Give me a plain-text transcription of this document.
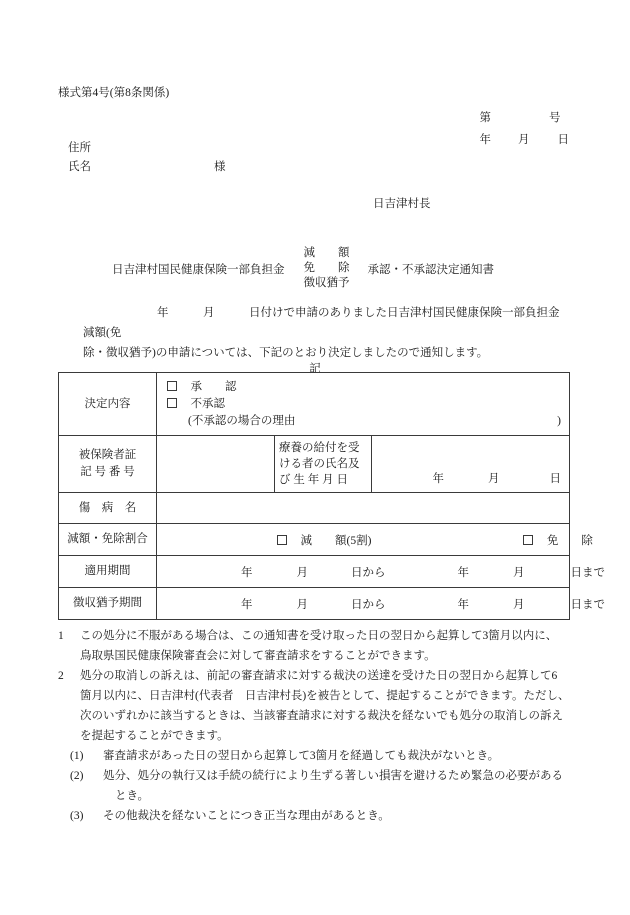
様式第4号(第8条関係)

第	号

年 月 日

住所
氏名	様
日吉津村長
日吉津村国民健康保険一部負担金
減　　額
免　　除
徴収猶予
承認・不承認決定通知書
年　　　月　　　日付けで申請のありました日吉津村国民健康保険一部負担金減額(免
除・徴収猶予)の申請については、下記のとおり決定しましたので通知します。
記
決定内容

　承　　認
　不承認
(不承認の場合の理由 )		

被保険者証
記 号 番 号		療養の給付を受
ける者の氏名及
び 生 年 月 日	年 月 日

傷　病　名			

減額・免除割合

　減　　額(5割)
　 免　　除		

適用期間	年	月	日から	年	月	日まで

徴収猶予期間	年	月	日から	年	月	日まで
1 この処分に不服がある場合は、この通知書を受け取った日の翌日から起算して3箇月以内に、
鳥取県国民健康保険審査会に対して審査請求をすることができます。
2 処分の取消しの訴えは、前記の審査請求に対する裁決の送達を受けた日の翌日から起算して6
箇月以内に、日吉津村(代表者　日吉津村長)を被告として、提起することができます。ただし、
次のいずれかに該当するときは、当該審査請求に対する裁決を経ないでも処分の取消しの訴え
を提起することができます。
(1) 審査請求があった日の翌日から起算して3箇月を経過しても裁決がないとき。
(2) 処分、処分の執行又は手続の続行により生ずる著しい損害を避けるため緊急の必要がある
とき。
(3) その他裁決を経ないことにつき正当な理由があるとき。
